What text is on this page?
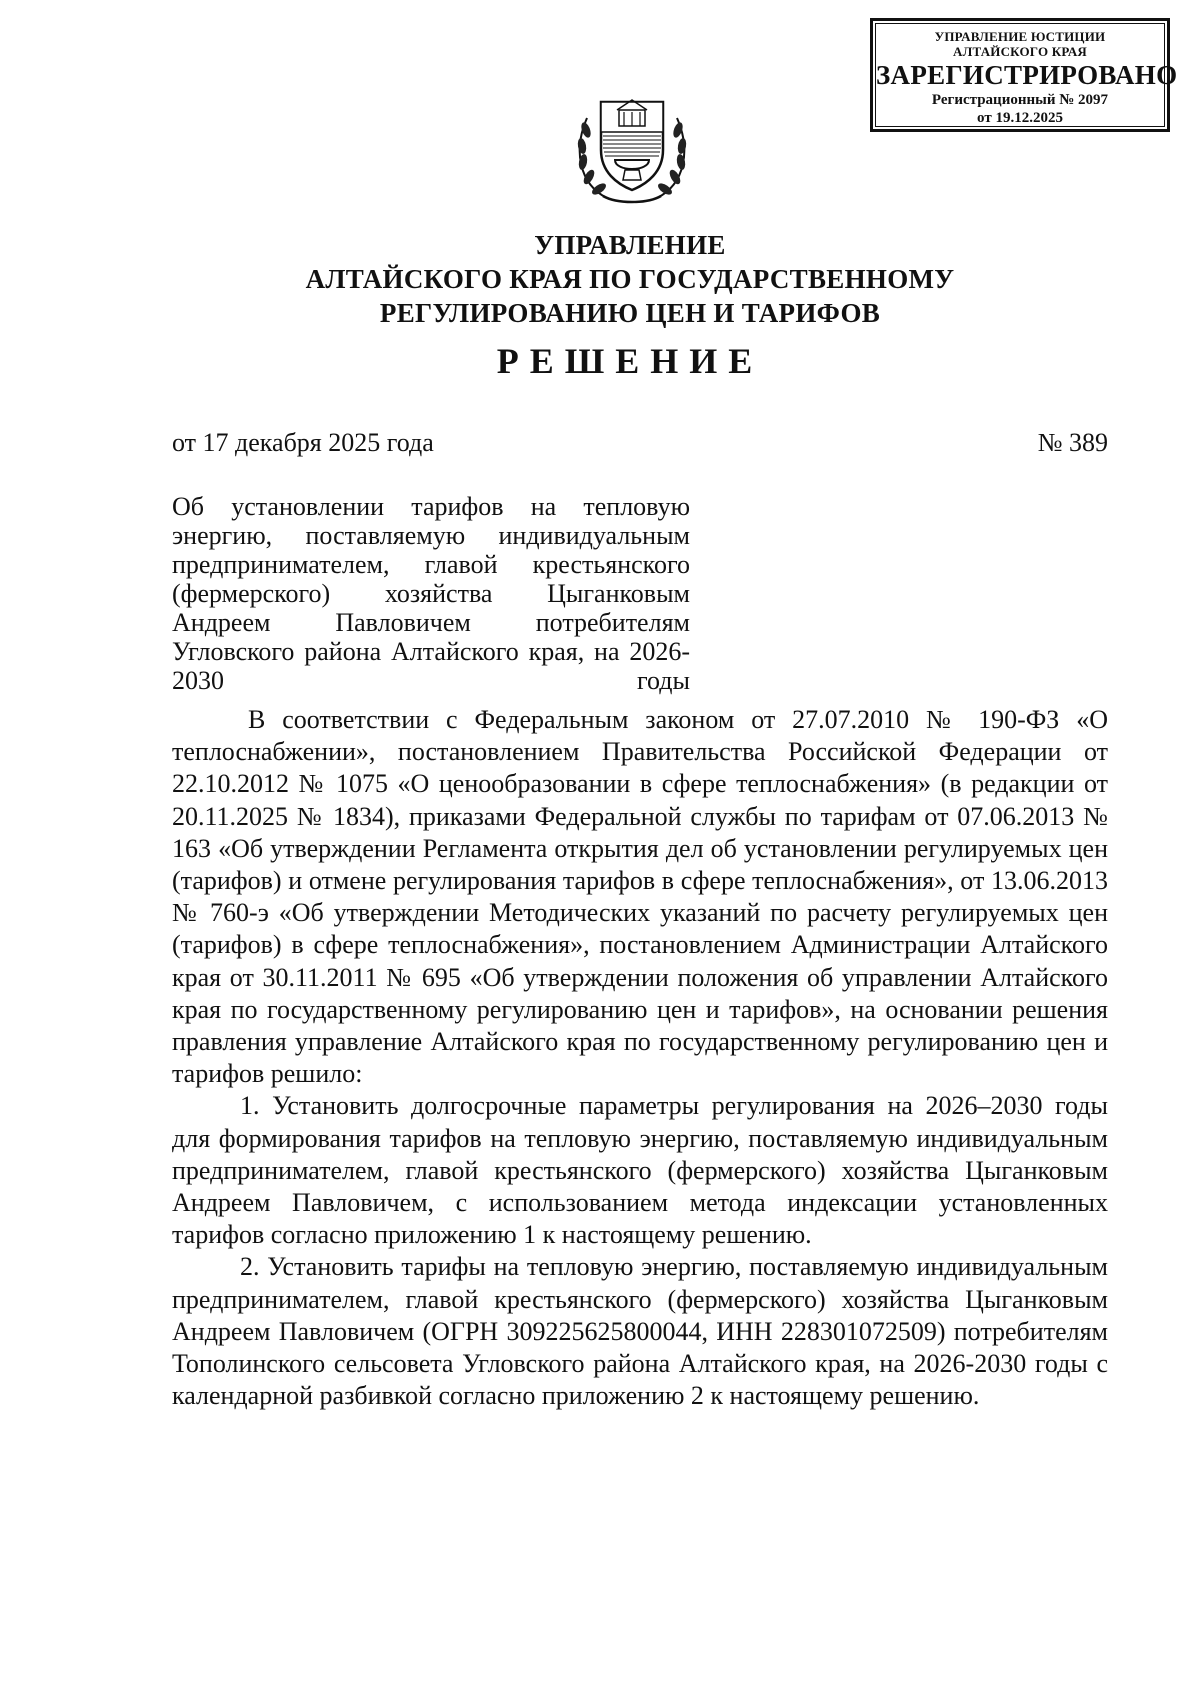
УПРАВЛЕНИЕ ЮСТИЦИИ
АЛТАЙСКОГО КРАЯ
ЗАРЕГИСТРИРОВАНО
Регистрационный № 2097
от 19.12.2025
УПРАВЛЕНИЕ
АЛТАЙСКОГО КРАЯ ПО ГОСУДАРСТВЕННОМУ
РЕГУЛИРОВАНИЮ ЦЕН И ТАРИФОВ
РЕШЕНИЕ
от 17 декабря 2025 года	№ 389
Об установлении тарифов на тепловую энергию, поставляемую индивидуальным предпринимателем, главой крестьянского (фермерского) хозяйства Цыганковым Андреем Павловичем потребителям Угловского района Алтайского края, на 2026-2030 годы

В соответствии с Федеральным законом от 27.07.2010 № 190-ФЗ «О теплоснабжении», постановлением Правительства Российской Федерации от 22.10.2012 № 1075 «О ценообразовании в сфере теплоснабжения» (в редакции от 20.11.2025 № 1834), приказами Федеральной службы по тарифам от 07.06.2013 № 163 «Об утверждении Регламента открытия дел об установлении регулируемых цен (тарифов) и отмене регулирования тарифов в сфере теплоснабжения», от 13.06.2013 № 760-э «Об утверждении Методических указаний по расчету регулируемых цен (тарифов) в сфере теплоснабжения», постановлением Администрации Алтайского края от 30.11.2011 № 695 «Об утверждении положения об управлении Алтайского края по государственному регулированию цен и тарифов», на основании решения правления управление Алтайского края по государственному регулированию цен и тарифов решило:

1. Установить долгосрочные параметры регулирования на 2026–2030 годы для формирования тарифов на тепловую энергию, поставляемую индивидуальным предпринимателем, главой крестьянского (фермерского) хозяйства Цыганковым Андреем Павловичем, с использованием метода индексации установленных тарифов согласно приложению 1 к настоящему решению.

2. Установить тарифы на тепловую энергию, поставляемую индивидуальным предпринимателем, главой крестьянского (фермерского) хозяйства Цыганковым Андреем Павловичем (ОГРН 309225625800044, ИНН 228301072509) потребителям Тополинского сельсовета Угловского района Алтайского края, на 2026-2030 годы с календарной разбивкой согласно приложению 2 к настоящему решению.
